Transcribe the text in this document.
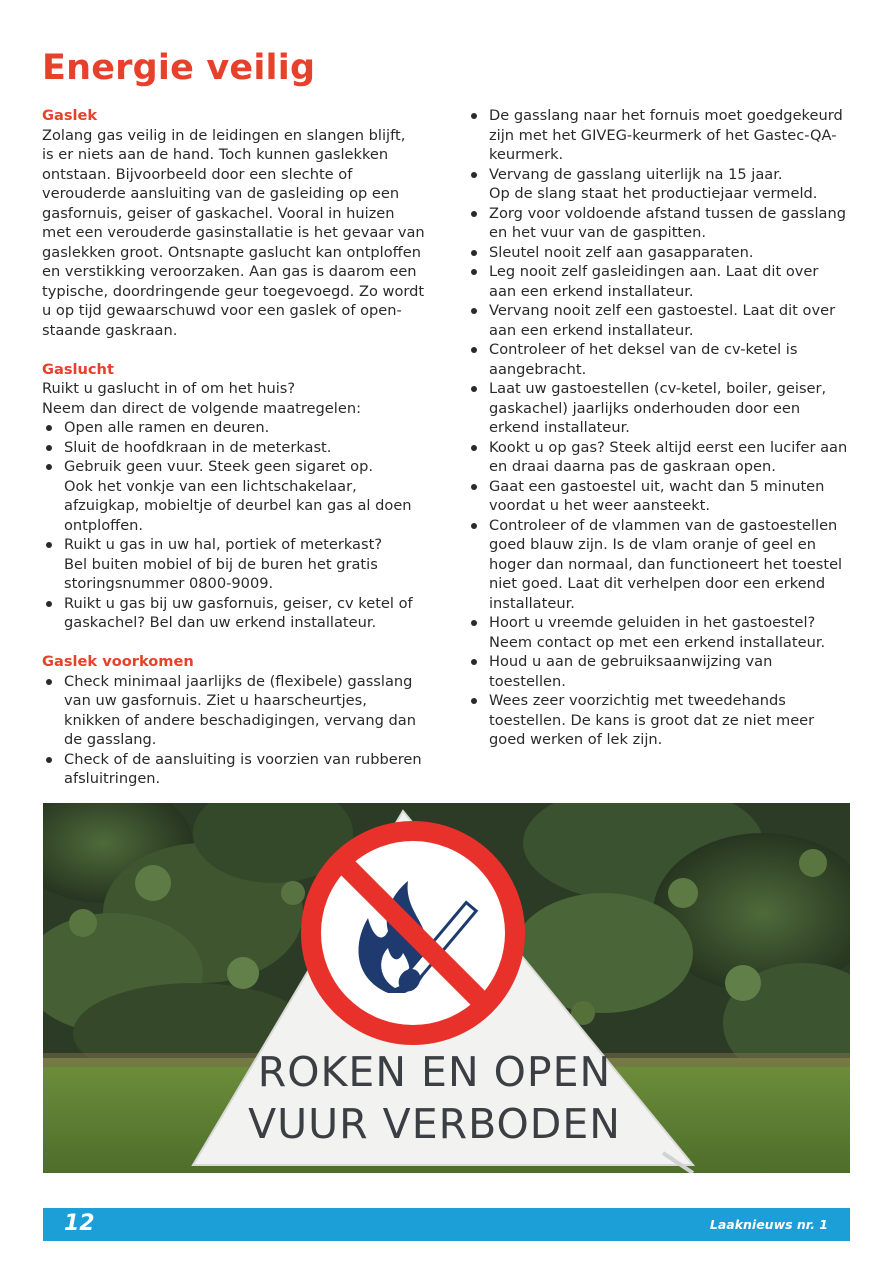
Energie veilig
Gaslek
Zolang gas veilig in de leidingen en slangen blijft,
is er niets aan de hand. Toch kunnen gaslekken
ontstaan. Bijvoorbeeld door een slechte of
verouderde aansluiting van de gasleiding op een
gasfornuis, geiser of gaskachel. Vooral in huizen
met een verouderde gasinstallatie is het gevaar van
gaslekken groot. Ontsnapte gaslucht kan ontploffen
en verstikking veroorzaken. Aan gas is daarom een
typische, doordringende geur toegevoegd. Zo wordt
u op tijd gewaarschuwd voor een gaslek of open-
staande gaskraan.
Gaslucht
Ruikt u gaslucht in of om het huis?
Neem dan direct de volgende maatregelen:
Open alle ramen en deuren.
Sluit de hoofdkraan in de meterkast.
Gebruik geen vuur. Steek geen sigaret op.
Ook het vonkje van een lichtschakelaar,
afzuigkap, mobieltje of deurbel kan gas al doen
ontploffen.
Ruikt u gas in uw hal, portiek of meterkast?
Bel buiten mobiel of bij de buren het gratis
storingsnummer 0800-9009.
Ruikt u gas bij uw gasfornuis, geiser, cv ketel of
gaskachel? Bel dan uw erkend installateur.
Gaslek voorkomen
Check minimaal jaarlijks de (flexibele) gasslang
van uw gasfornuis. Ziet u haarscheurtjes,
knikken of andere beschadigingen, vervang dan
de gasslang.
Check of de aansluiting is voorzien van rubberen
afsluitringen.
De gasslang naar het fornuis moet goedgekeurd
zijn met het GIVEG-keurmerk of het Gastec-QA-
keurmerk.
Vervang de gasslang uiterlijk na 15 jaar.
Op de slang staat het productiejaar vermeld.
Zorg voor voldoende afstand tussen de gasslang
en het vuur van de gaspitten.
Sleutel nooit zelf aan gasapparaten.
Leg nooit zelf gasleidingen aan. Laat dit over
aan een erkend installateur.
Vervang nooit zelf een gastoestel. Laat dit over
aan een erkend installateur.
Controleer of het deksel van de cv-ketel is
aangebracht.
Laat uw gastoestellen (cv-ketel, boiler, geiser,
gaskachel) jaarlijks onderhouden door een
erkend installateur.
Kookt u op gas? Steek altijd eerst een lucifer aan
en draai daarna pas de gaskraan open.
Gaat een gastoestel uit, wacht dan 5 minuten
voordat u het weer aansteekt.
Controleer of de vlammen van de gastoestellen
goed blauw zijn. Is de vlam oranje of geel en
hoger dan normaal, dan functioneert het toestel
niet goed. Laat dit verhelpen door een erkend
installateur.
Hoort u vreemde geluiden in het gastoestel?
Neem contact op met een erkend installateur.
Houd u aan de gebruiksaanwijzing van
toestellen.
Wees zeer voorzichtig met tweedehands
toestellen. De kans is groot dat ze niet meer
goed werken of lek zijn.
ROKEN EN OPEN
VUUR VERBODEN
12	Laaknieuws nr. 1
